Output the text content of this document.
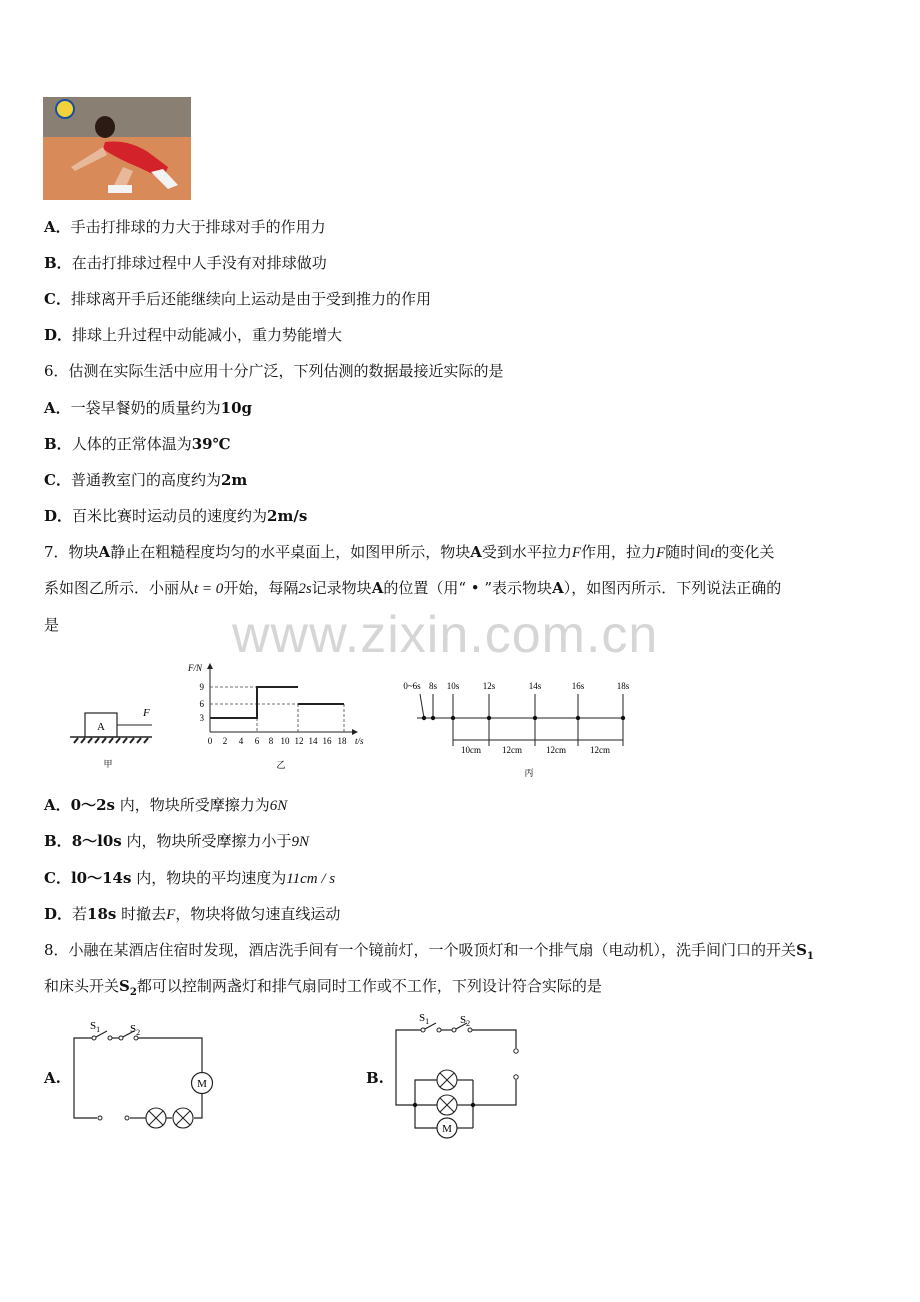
A．手击打排球的力大于排球对手的作用力
B．在击打排球过程中人手没有对排球做功
C．排球离开手后还能继续向上运动是由于受到推力的作用
D．排球上升过程中动能减小，重力势能增大
6．估测在实际生活中应用十分广泛，下列估测的数据最接近实际的是
A．一袋早餐奶的质量约为10g
B．人体的正常体温为39℃
C．普通教室门的高度约为2m
D．百米比赛时运动员的速度约为2m/s
7．物块A静止在粗糙程度均匀的水平桌面上，如图甲所示，物块A受到水平拉力F作用，拉力F随时间t的变化关
系如图乙所示．小丽从t = 0开始，每隔2s记录物块A的位置（用“ • ”表示物块A），如图丙所示．下列说法正确的
是	www.zixin.com.cn
A
F
甲
F/N
t/s
9
6
3
0 2 4 6 8 10 12 14 16 18
乙
0~6s 8s 10s	12s	14s	16s	18s
10cm 12cm	12cm	12cm
丙
A．0～2s 内，物块所受摩擦力为6N
B．8～l0s 内，物块所受摩擦力小于9N
C．l0～14s 内，物块的平均速度为11cm / s
D．若18s 时撤去F，物块将做匀速直线运动
8．小融在某酒店住宿时发现，酒店洗手间有一个镜前灯，一个吸顶灯和一个排气扇（电动机），洗手间门口的开关$S_1$
和床头开关$S_2$都可以控制两盏灯和排气扇同时工作或不工作，下列设计符合实际的是
A.
$S_1$	$S_2$
M	B.
$S_1$	$S_2$
M
